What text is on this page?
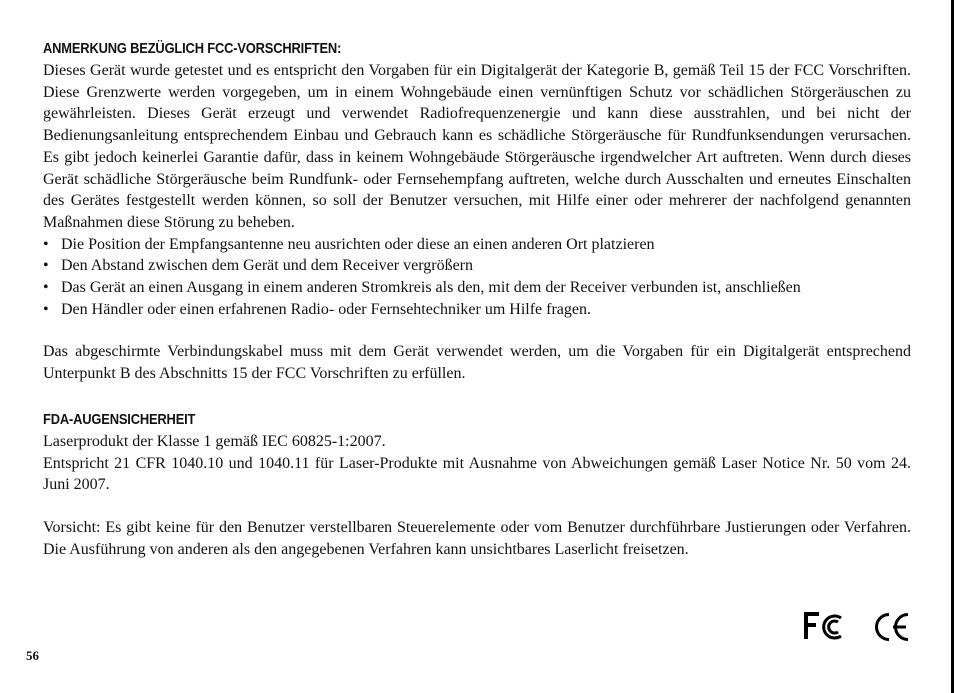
ANMERKUNG BEZÜGLICH FCC-VORSCHRIFTEN:

Dieses Gerät wurde getestet und es entspricht den Vorgaben für ein Digitalgerät der Kategorie B, gemäß Teil 15 der FCC Vorschriften. Diese Grenzwerte werden vorgegeben, um in einem Wohngebäude einen vernünftigen Schutz vor schädlichen Störgeräuschen zu gewährleisten. Dieses Gerät erzeugt und verwendet Radiofrequenzenergie und kann diese ausstrahlen, und bei nicht der Bedienungsanleitung entsprechendem Einbau und Gebrauch kann es schädliche Störgeräusche für Rundfunksendungen verursachen. Es gibt jedoch keinerlei Garantie dafür, dass in keinem Wohngebäude Störgeräusche irgendwelcher Art auftreten. Wenn durch dieses Gerät schädliche Störgeräusche beim Rundfunk- oder Fernsehempfang auftreten, welche durch Ausschalten und erneutes Einschalten des Gerätes festgestellt werden können, so soll der Benutzer versuchen, mit Hilfe einer oder mehrerer der nachfolgend genannten Maßnahmen diese Störung zu beheben.

• Die Position der Empfangsantenne neu ausrichten oder diese an einen anderen Ort platzieren
• Den Abstand zwischen dem Gerät und dem Receiver vergrößern
• Das Gerät an einen Ausgang in einem anderen Stromkreis als den, mit dem der Receiver verbunden ist, anschließen
• Den Händler oder einen erfahrenen Radio- oder Fernsehtechniker um Hilfe fragen.

Das abgeschirmte Verbindungskabel muss mit dem Gerät verwendet werden, um die Vorgaben für ein Digitalgerät entsprechend Unterpunkt B des Abschnitts 15 der FCC Vorschriften zu erfüllen.

FDA-AUGENSICHERHEIT

Laserprodukt der Klasse 1 gemäß IEC 60825-1:2007.

Entspricht 21 CFR 1040.10 und 1040.11 für Laser-Produkte mit Ausnahme von Abweichungen gemäß Laser Notice Nr. 50 vom 24. Juni 2007.

Vorsicht: Es gibt keine für den Benutzer verstellbaren Steuerelemente oder vom Benutzer durchführbare Justierungen oder Verfahren. Die Ausführung von anderen als den angegebenen Verfahren kann unsichtbares Laserlicht freisetzen.

56
